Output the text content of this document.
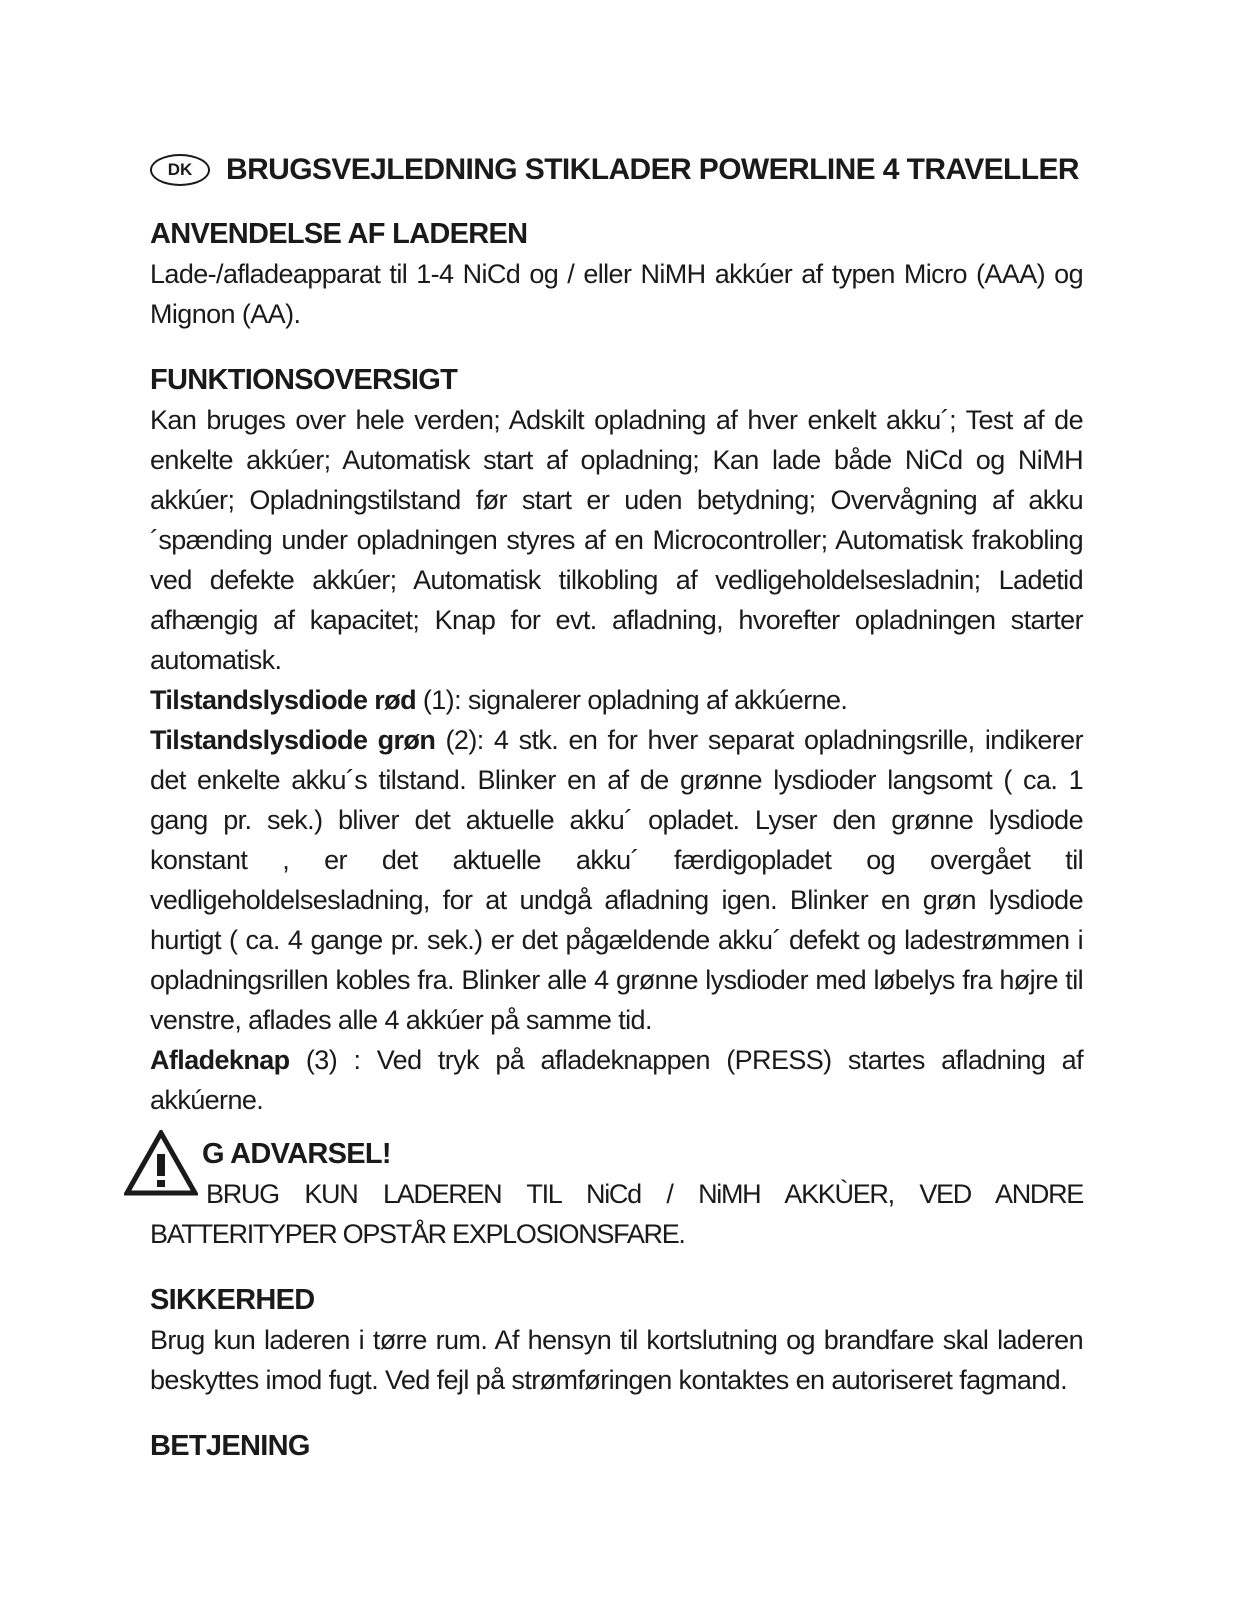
DK	BRUGSVEJLEDNING STIKLADER POWERLINE 4 TRAVELLER
ANVENDELSE AF LADEREN

Lade-/afladeapparat til 1-4 NiCd og / eller NiMH akkúer af typen Micro (AAA) og Mignon (AA).

FUNKTIONSOVERSIGT

Kan bruges over hele verden; Adskilt opladning af hver enkelt akku´; Test af de enkelte akkúer; Automatisk start af opladning; Kan lade både NiCd og NiMH akkúer; Opladningstilstand før start er uden betydning; Overvågning af akku´spænding under opladningen styres af en Microcontroller; Automatisk frakobling ved defekte akkúer; Automatisk tilkobling af vedligeholdelsesladnin; Ladetid afhængig af kapacitet; Knap for evt. afladning, hvorefter opladningen starter automatisk.

Tilstandslysdiode rød (1): signalerer opladning af akkúerne.

Tilstandslysdiode grøn (2): 4 stk. en for hver separat opladningsrille, indikerer det enkelte akku´s tilstand. Blinker en af de grønne lysdioder langsomt ( ca. 1 gang pr. sek.) bliver det aktuelle akku´ opladet. Lyser den grønne lysdiode konstant , er det aktuelle akku´ færdigopladet og overgået til vedligeholdelsesladning, for at undgå afladning igen. Blinker en grøn lysdiode hurtigt ( ca. 4 gange pr. sek.) er det pågældende akku´ defekt og ladestrømmen i opladningsrillen kobles fra. Blinker alle 4 grønne lysdioder med løbelys fra højre til venstre, aflades alle 4 akkúer på samme tid.

Afladeknap (3) : Ved tryk på afladeknappen (PRESS) startes afladning af akkúerne.

G ADVARSEL!
BRUG KUN LADEREN TIL NiCd / NiMH AKKÙER, VED ANDRE BATTERITYPER OPSTÅR EXPLOSIONSFARE.
SIKKERHED

Brug kun laderen i tørre rum. Af hensyn til kortslutning og brandfare skal laderen beskyttes imod fugt. Ved fejl på strømføringen kontaktes en autoriseret fagmand.

BETJENING
